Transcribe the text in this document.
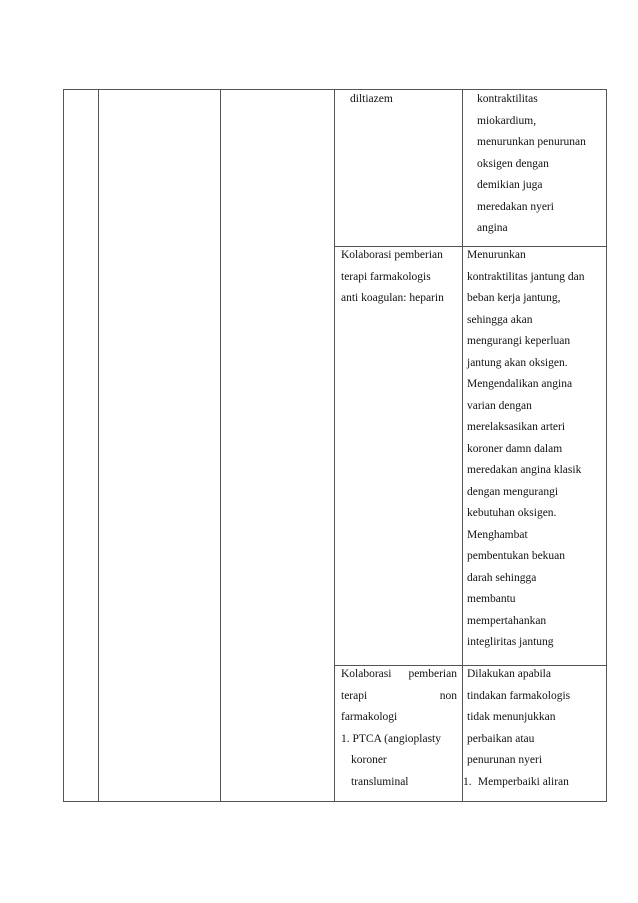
diltiazem	kontraktilitas
miokardium,
menurunkan penurunan
oksigen dengan
demikian juga
meredakan nyeri
angina
Kolaborasi pemberian
terapi farmakologis
anti koagulan: heparin
Menurunkan
kontraktilitas jantung dan
beban kerja jantung,
sehingga akan
mengurangi keperluan
jantung akan oksigen.
Mengendalikan angina
varian dengan
merelaksasikan arteri
koroner damn dalam
meredakan angina klasik
dengan mengurangi
kebutuhan oksigen.
Menghambat
pembentukan bekuan
darah sehingga
membantu
mempertahankan
integliritas jantung
Kolaborasi pemberian
terapi	non
farmakologi
1. PTCA (angioplasty
koroner
transluminal
Dilakukan apabila
tindakan farmakologis
tidak menunjukkan
perbaikan atau
penurunan nyeri
1. Memperbaiki aliran
